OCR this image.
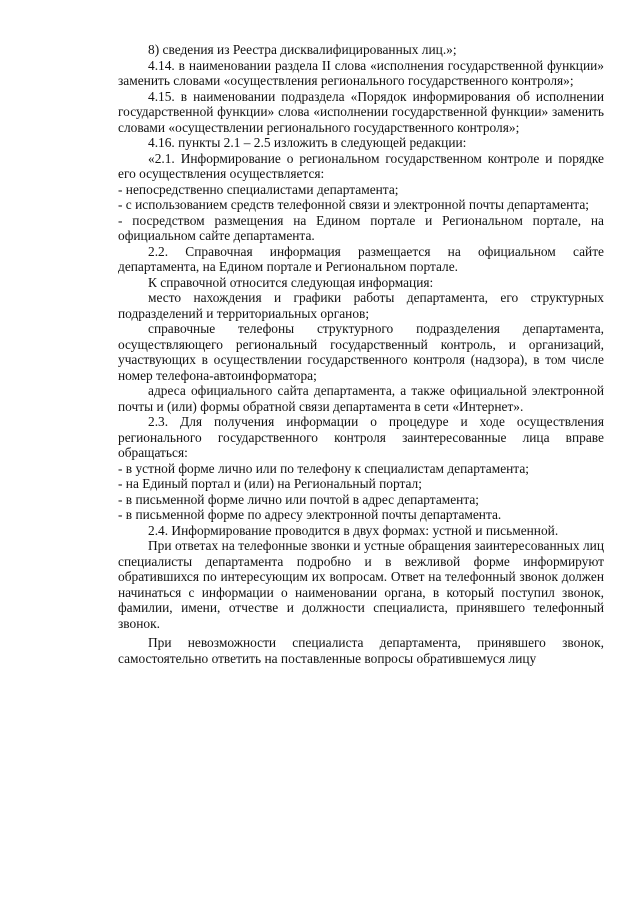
8) сведения из Реестра дисквалифицированных лиц.»;

4.14. в наименовании раздела II слова «исполнения государственной функции» заменить словами «осуществления регионального государственного контроля»;

4.15. в наименовании подраздела «Порядок информирования об исполнении государственной функции» слова «исполнении государственной функции» заменить словами «осуществлении регионального государственного контроля»;

4.16. пункты 2.1 – 2.5 изложить в следующей редакции:

«2.1. Информирование о региональном государственном контроле и порядке его осуществления осуществляется:

- непосредственно специалистами департамента;

- с использованием средств телефонной связи и электронной почты департамента;

- посредством размещения на Едином портале и Региональном портале, на официальном сайте департамента.

2.2. Справочная информация размещается на официальном сайте департамента, на Едином портале и Региональном портале.

К справочной относится следующая информация:

место нахождения и графики работы департамента, его структурных подразделений и территориальных органов;

справочные телефоны структурного подразделения департамента, осуществляющего региональный государственный контроль, и организаций, участвующих в осуществлении государственного контроля (надзора), в том числе номер телефона-автоинформатора;

адреса официального сайта департамента, а также официальной электронной почты и (или) формы обратной связи департамента в сети «Интернет».

2.3. Для получения информации о процедуре и ходе осуществления регионального государственного контроля заинтересованные лица вправе обращаться:

- в устной форме лично или по телефону к специалистам департамента;

- на Единый портал и (или) на Региональный портал;

- в письменной форме лично или почтой в адрес департамента;

- в письменной форме по адресу электронной почты департамента.

2.4. Информирование проводится в двух формах: устной и письменной.

При ответах на телефонные звонки и устные обращения заинтересованных лиц специалисты департамента подробно и в вежливой форме информируют обратившихся по интересующим их вопросам. Ответ на телефонный звонок должен начинаться с информации о наименовании органа, в который поступил звонок, фамилии, имени, отчестве и должности специалиста, принявшего телефонный звонок.

При невозможности специалиста департамента, принявшего звонок, самостоятельно ответить на поставленные вопросы обратившемуся лицу
